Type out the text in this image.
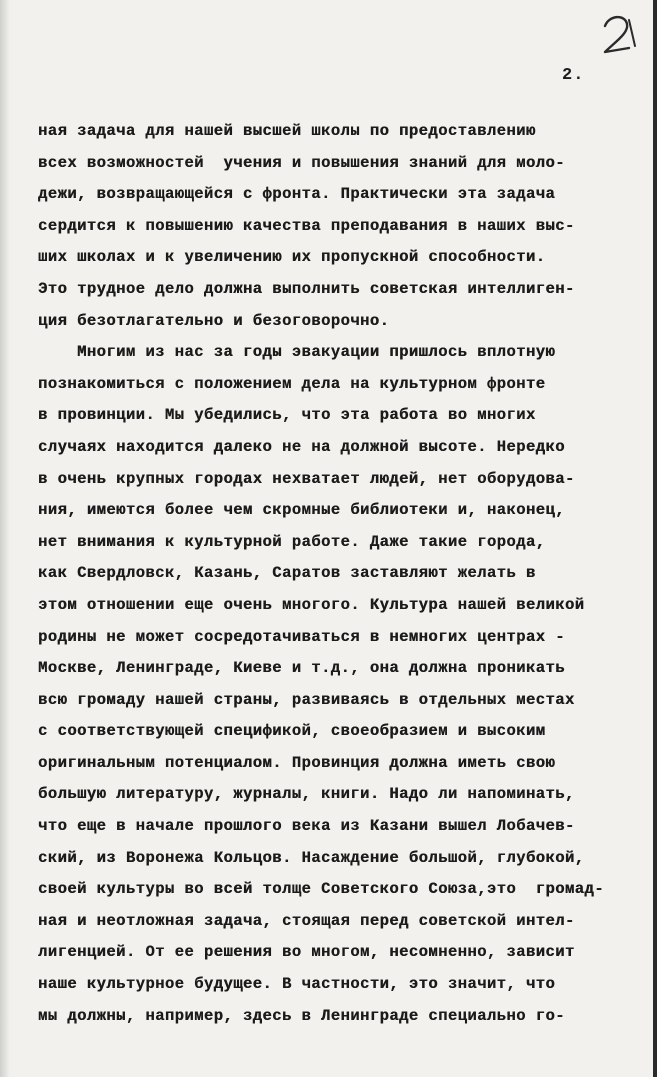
2.
ная задача для нашей высшей школы по предоставлению
всех возможностей  учения и повышения знаний для моло-
дежи, возвращающейся с фронта. Практически эта задача
сердится к повышению качества преподавания в наших выс-
ших школах и к увеличению их пропускной способности.
Это трудное дело должна выполнить советская интеллиген-
ция безотлагательно и безоговорочно.
Многим из нас за годы эвакуации пришлось вплотную
познакомиться с положением дела на культурном фронте
в провинции. Мы убедились, что эта работа во многих
случаях находится далеко не на должной высоте. Нередко
в очень крупных городах нехватает людей, нет оборудова-
ния, имеются более чем скромные библиотеки и, наконец,
нет внимания к культурной работе. Даже такие города,
как Свердловск, Казань, Саратов заставляют желать в
этом отношении еще очень многого. Культура нашей великой
родины не может сосредотачиваться в немногих центрах -
Москве, Ленинграде, Киеве и т.д., она должна проникать
всю громаду нашей страны, развиваясь в отдельных местах
с соответствующей спецификой, своеобразием и высоким
оригинальным потенциалом. Провинция должна иметь свою
большую литературу, журналы, книги. Надо ли напоминать,
что еще в начале прошлого века из Казани вышел Лобачев-
ский, из Воронежа Кольцов. Насаждение большой, глубокой,
своей культуры во всей толще Советского Союза,это  громад-
ная и неотложная задача, стоящая перед советской интел-
лигенцией. От ее решения во многом, несомненно, зависит
наше культурное будущее. В частности, это значит, что
мы должны, например, здесь в Ленинграде специально го-
